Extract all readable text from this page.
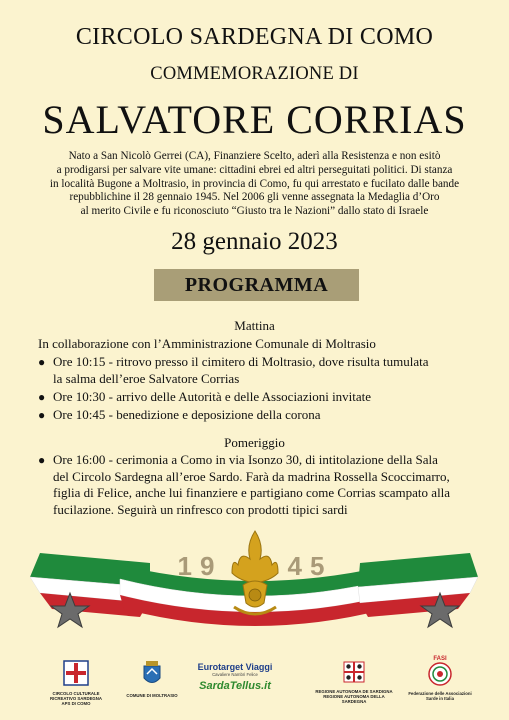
CIRCOLO SARDEGNA DI COMO
COMMEMORAZIONE DI
SALVATORE CORRIAS
Nato a San Nicolò Gerrei (CA), Finanziere Scelto, aderì alla Resistenza e non esitò
a prodigarsi per salvare vite umane: cittadini ebrei ed altri perseguitati politici. Di stanza
in località Bugone a Moltrasio, in provincia di Como, fu qui arrestato e fucilato dalle bande
repubblichine il 28 gennaio 1945. Nel 2006 gli venne assegnata la Medaglia d’Oro
al merito Civile e fu riconosciuto “Giusto tra le Nazioni” dallo stato di Israele
28 gennaio 2023
PROGRAMMA
Mattina
In collaborazione con l’Amministrazione Comunale di Moltrasio
● Ore 10:15 - ritrovo presso il cimitero di Moltrasio, dove risulta tumulata
la salma dell’eroe Salvatore Corrias
● Ore 10:30 - arrivo delle Autorità e delle Associazioni invitate
● Ore 10:45 - benedizione e deposizione della corona
Pomeriggio
● Ore 16:00 - cerimonia a Como in via Isonzo 30, di intitolazione della Sala
del Circolo Sardegna all’eroe Sardo. Farà da madrina Rossella Scoccimarro,
figlia di Felice, anche lui finanziere e partigiano come Corrias scampato alla
fucilazione. Seguirà un rinfresco con prodotti tipici sardi
19	45
CIRCOLO CULTURALE
RICREATIVO SARDEGNA
APS DI COMO
COMUNE DI MOLTRASIO
Eurotarget Viaggi
Cavaliere Nambri Felice
SardaTellus.it	REGIONE AUTONOMA DE SARDIGNA
REGIONE AUTONOMA DELLA SARDEGNA
FASI
Federazione delle Associazioni
Sarde in Italia
